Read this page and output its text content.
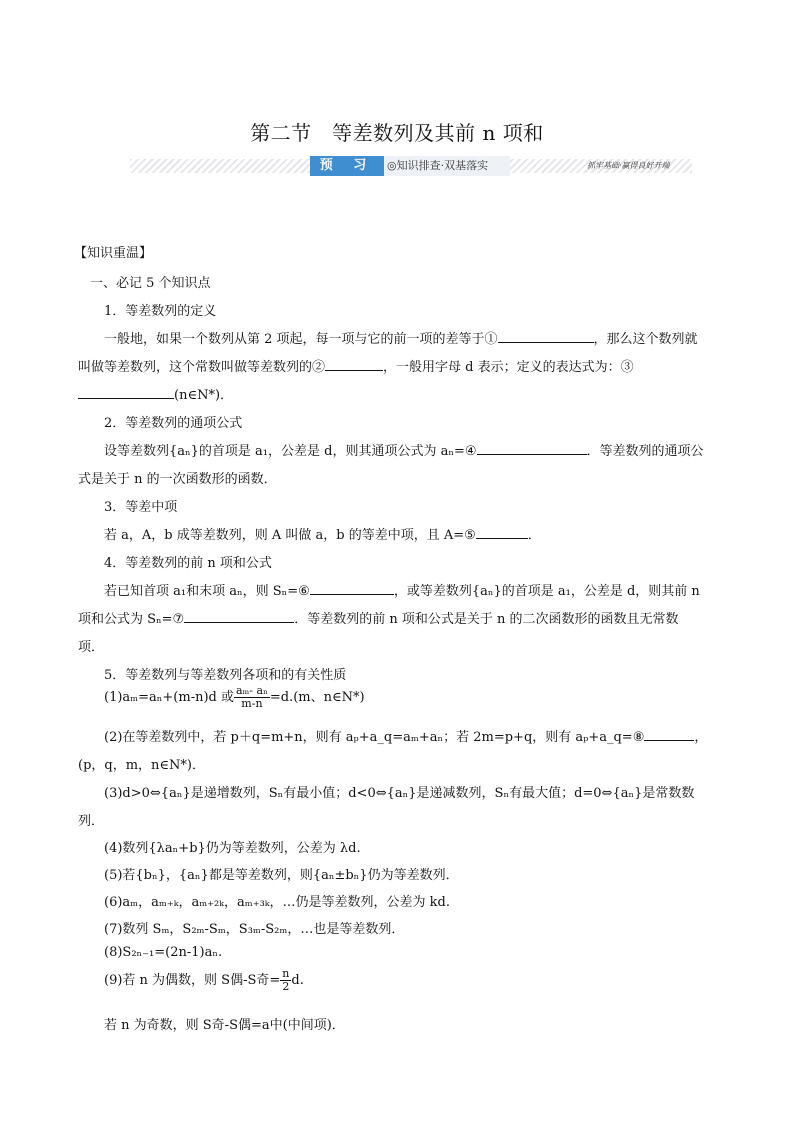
第二节　等差数列及其前 n 项和
预 习	◎知识排查·双基落实	抓牢基础·赢得良好开端
【知识重温】
一、必记 5 个知识点
1．等差数列的定义
一般地，如果一个数列从第 2 项起，每一项与它的前一项的差等于①	，那么这个数列就
叫做等差数列，这个常数叫做等差数列的②	，一般用字母 d 表示；定义的表达式为：③
(n∈N*)．
2．等差数列的通项公式
设等差数列{aₙ}的首项是 a₁，公差是 d，则其通项公式为 aₙ=④	．等差数列的通项公
式是关于 n 的一次函数形的函数．
3．等差中项
若 a，A，b 成等差数列，则 A 叫做 a，b 的等差中项，且 A=⑤	．
4．等差数列的前 n 项和公式
若已知首项 a₁和末项 aₙ，则 Sₙ=⑥	，或等差数列{aₙ}的首项是 a₁，公差是 d，则其前 n
项和公式为 Sₙ=⑦	．等差数列的前 n 项和公式是关于 n 的二次函数形的函数且无常数
项．
5．等差数列与等差数列各项和的有关性质
(1)aₘ=aₙ+(m-n)d 或 $\frac{\text{aₘ- aₙ}}{m-n} =d.(m$、n∈N*)
(2)在等差数列中，若 p＋q=m+n，则有 aₚ+a_q=aₘ+aₙ；若 2m=p+q，则有 aₚ+a_q=⑧	，
(p，q，m，n∈N*)．
(3)d>0⇔{aₙ}是递增数列，Sₙ有最小值；d<0⇔{aₙ}是递减数列，Sₙ有最大值；d=0⇔{aₙ}是常数数
列．
(4)数列{λaₙ+b}仍为等差数列，公差为 λd.
(5)若{bₙ}，{aₙ}都是等差数列，则{aₙ±bₙ}仍为等差数列．
(6)aₘ，aₘ₊ₖ，aₘ₊₂ₖ，aₘ₊₃ₖ，…仍是等差数列，公差为 kd.
(7)数列 Sₘ，S₂ₘ-Sₘ，S₃ₘ-S₂ₘ，…也是等差数列．
(8)S₂ₙ₋₁=(2n-1)aₙ.
(9)若 n 为偶数，则 S偶-S奇= $\frac{n}{2} d$.
若 n 为奇数，则 S奇-S偶=a中(中间项)．
